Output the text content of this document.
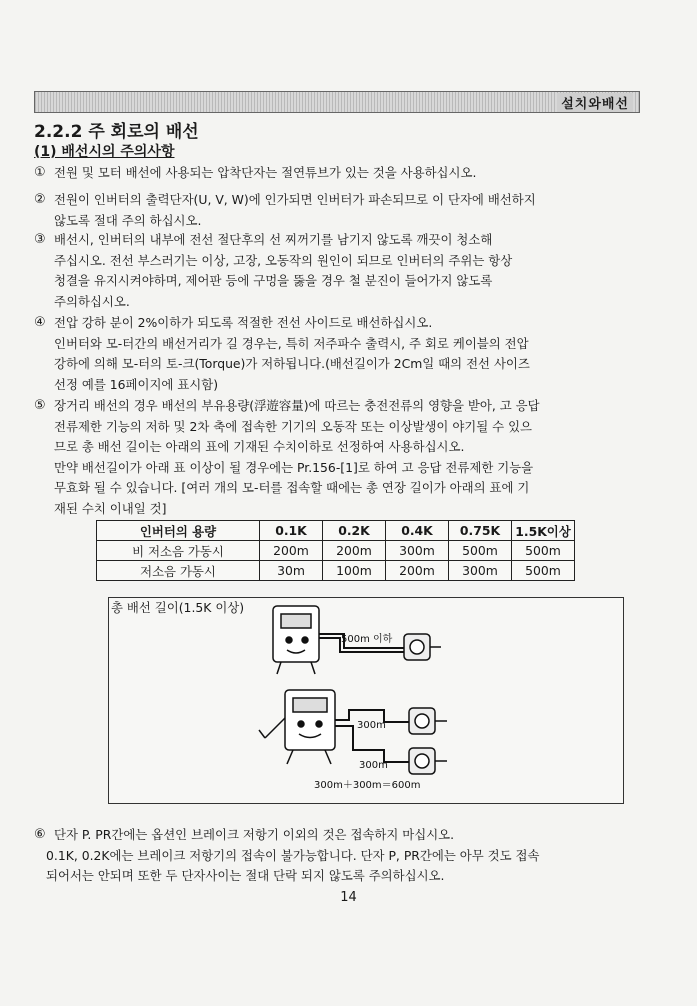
설치와배선
2.2.2 주 회로의 배선
(1) 배선시의 주의사항
① 전원 및 모터 배선에 사용되는 압착단자는 절연튜브가 있는 것을 사용하십시오.
② 전원이 인버터의 출력단자(U, V, W)에 인가되면 인버터가 파손되므로 이 단자에 배선하지
않도록 절대 주의 하십시오.
③ 배선시, 인버터의 내부에 전선 절단후의 선 찌꺼기를 남기지 않도록 깨끗이 청소해
주십시오. 전선 부스러기는 이상, 고장, 오동작의 원인이 되므로 인버터의 주위는 항상
청결을 유지시켜야하며, 제어판 등에 구멍을 뚫을 경우 철 분진이 들어가지 않도록
주의하십시오.
④ 전압 강하 분이 2%이하가 되도록 적절한 전선 사이드로 배선하십시오.
인버터와 모-터간의 배선거리가 길 경우는, 특히 저주파수 출력시, 주 회로 케이블의 전압
강하에 의해 모-터의 토-크(Torque)가 저하됩니다.(배선길이가 2Cm일 때의 전선 사이즈
선정 예를 16페이지에 표시함)
⑤ 장거리 배선의 경우 배선의 부유용량(浮遊容量)에 따르는 충전전류의 영향을 받아, 고 응답
전류제한 기능의 저하 및 2차 축에 접속한 기기의 오동작 또는 이상발생이 야기될 수 있으
므로 총 배선 길이는 아래의 표에 기재된 수치이하로 선정하여 사용하십시오.
만약 배선길이가 아래 표 이상이 될 경우에는 Pr.156-[1]로 하여 고 응답 전류제한 기능을
무효화 될 수 있습니다. [여러 개의 모-터를 접속할 때에는 총 연장 길이가 아래의 표에 기
재된 수치 이내일 것]
인버터의 용량	0.1K	0.2K	0.4K	0.75K	1.5K이상
비 저소음 가동시	200m	200m	300m	500m	500m
저소음 가동시	30m	100m	200m	300m	500m
총 배선 길이(1.5K 이상)
500m 이하
300m
300m
300m＋300m＝600m
⑥ 단자 P. PR간에는 옵션인 브레이크 저항기 이외의 것은 접속하지 마십시오.
0.1K, 0.2K에는 브레이크 저항기의 접속이 불가능합니다. 단자 P, PR간에는 아무 것도 접속
되어서는 안되며 또한 두 단자사이는 절대 단락 되지 않도록 주의하십시오.
14
